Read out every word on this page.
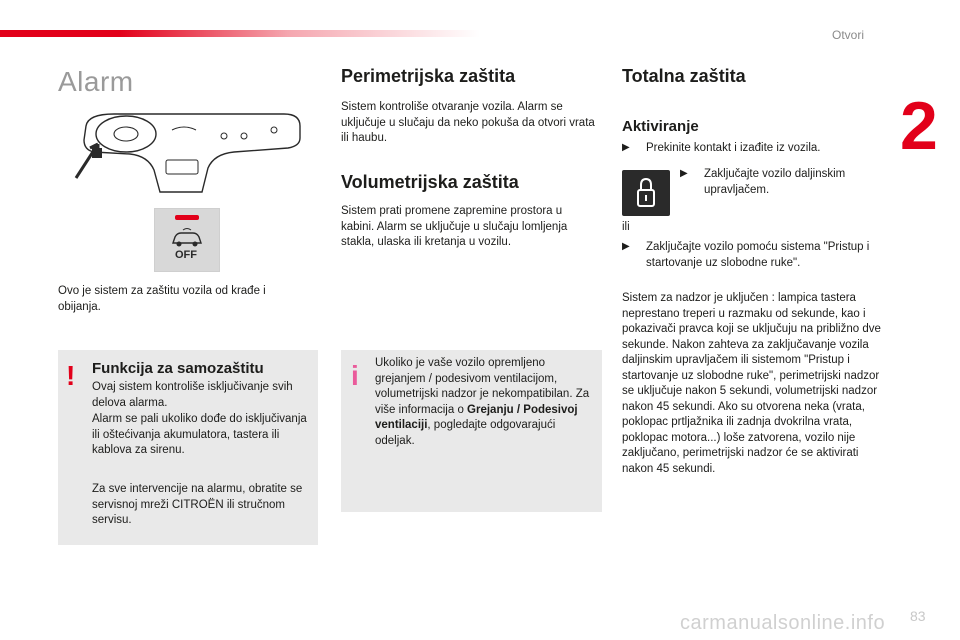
Otvori
2
83
carmanualsonline.info
Alarm
OFF

Ovo je sistem za zaštitu vozila od krađe i obijanja.

! Funkcija za samozaštitu

Ovaj sistem kontroliše isključivanje svih delova alarma.

Alarm se pali ukoliko dođe do isključivanja ili oštećivanja akumulatora, tastera ili kablova za sirenu.

Za sve intervencije na alarmu, obratite se servisnoj mreži CITROËN ili stručnom servisu.

Perimetrijska zaštita

Sistem kontroliše otvaranje vozila. Alarm se uključuje u slučaju da neko pokuša da otvori vrata ili haubu.

Volumetrijska zaštita

Sistem prati promene zapremine prostora u kabini. Alarm se uključuje u slučaju lomljenja stakla, ulaska ili kretanja u vozilu.

i Ukoliko je vaše vozilo opremljeno grejanjem / podesivom ventilacijom, volumetrijski nadzor je nekompatibilan. Za više informacija o Grejanju / Podesivoj ventilaciji, pogledajte odgovarajući odeljak.

Totalna zaštita
Aktiviranje
▶ Prekinite kontakt i izađite iz vozila.

▶ Zaključajte vozilo daljinskim upravljačem.

ili

▶ Zaključajte vozilo pomoću sistema "Pristup i startovanje uz slobodne ruke".

Sistem za nadzor je uključen : lampica tastera neprestano treperi u razmaku od sekunde, kao i pokazivači pravca koji se uključuju na približno dve sekunde. Nakon zahteva za zaključavanje vozila daljinskim upravljačem ili sistemom "Pristup i startovanje uz slobodne ruke", perimetrijski nadzor se uključuje nakon 5 sekundi, volumetrijski nadzor nakon 45 sekundi. Ako su otvorena neka (vrata, poklopac prtljažnika ili zadnja dvokrilna vrata, poklopac motora...) loše zatvorena, vozilo nije zaključano, perimetrijski nadzor će se aktivirati nakon 45 sekundi.
